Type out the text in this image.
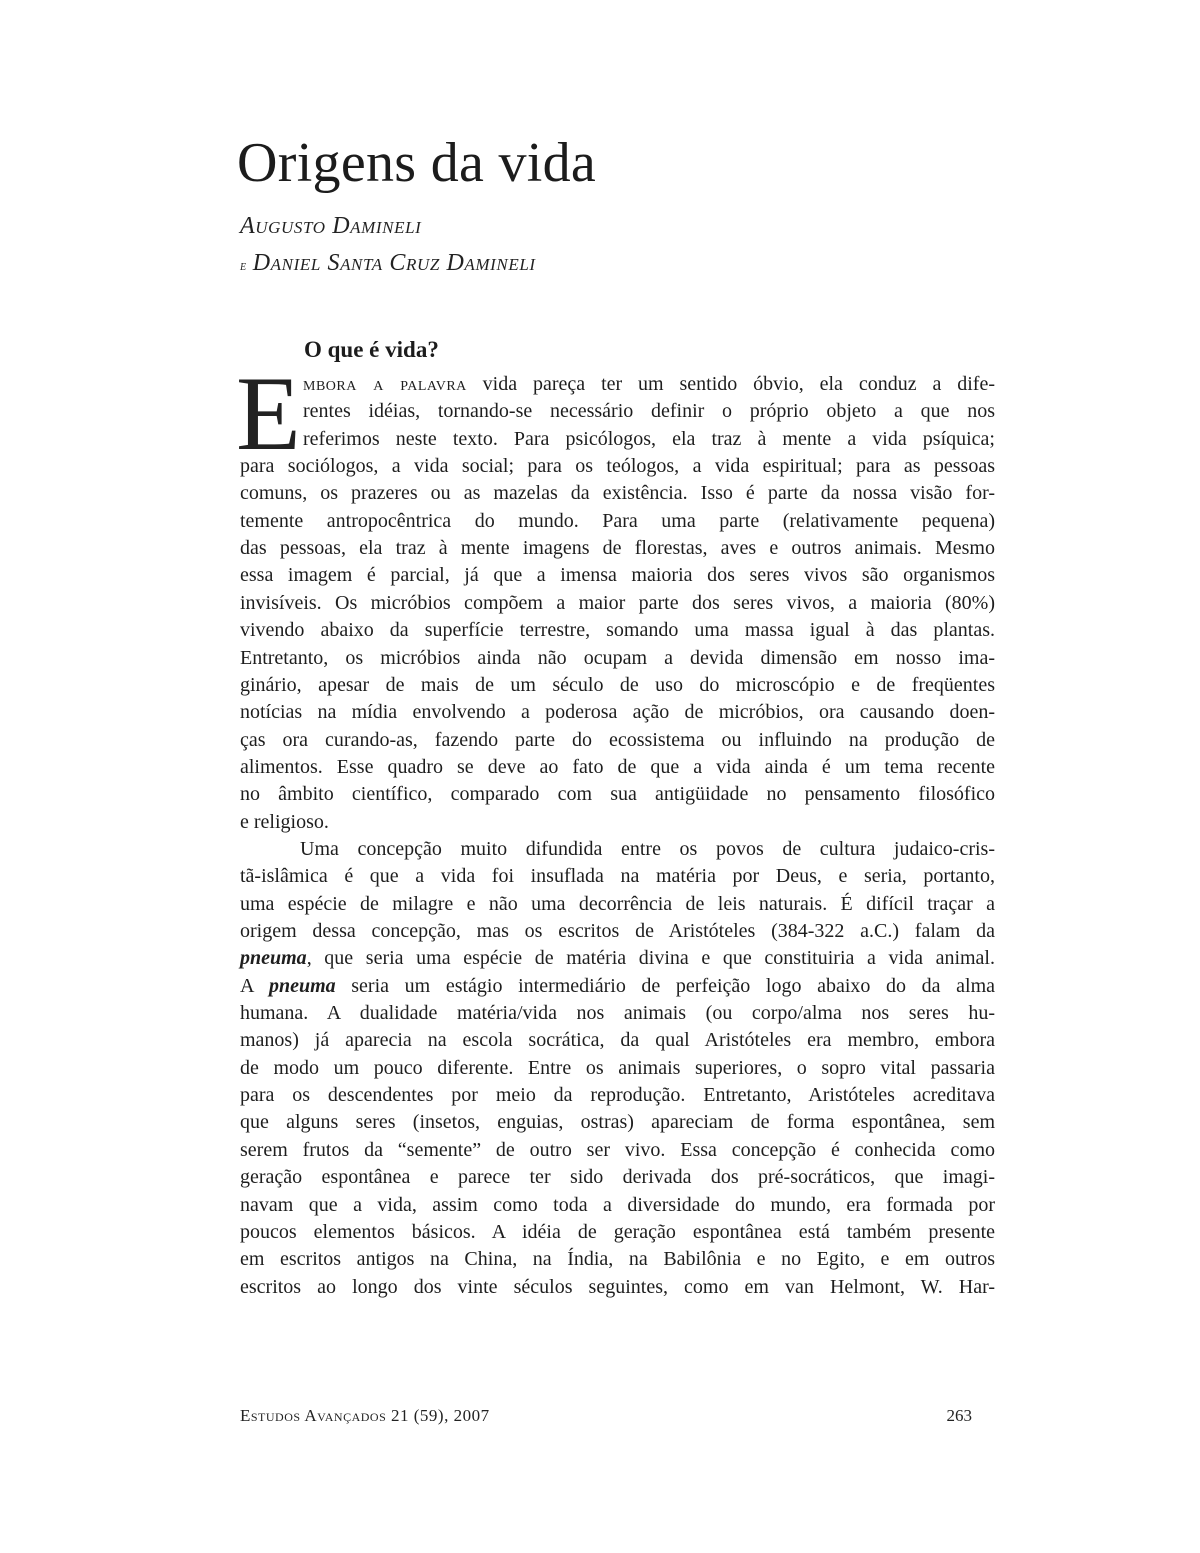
Origens da vida
Augusto Damineli
e Daniel Santa Cruz Damineli
O que é vida?
E mbora a palavra vida pareça ter um sentido óbvio, ela conduz a dife-
rentes idéias, tornando-se necessário definir o próprio objeto a que nos
referimos neste texto. Para psicólogos, ela traz à mente a vida psíquica;
para sociólogos, a vida social; para os teólogos, a vida espiritual; para as pessoas
comuns, os prazeres ou as mazelas da existência. Isso é parte da nossa visão for-
temente antropocêntrica do mundo. Para uma parte (relativamente pequena)
das pessoas, ela traz à mente imagens de florestas, aves e outros animais. Mesmo
essa imagem é parcial, já que a imensa maioria dos seres vivos são organismos
invisíveis. Os micróbios compõem a maior parte dos seres vivos, a maioria (80%)
vivendo abaixo da superfície terrestre, somando uma massa igual à das plantas.
Entretanto, os micróbios ainda não ocupam a devida dimensão em nosso ima-
ginário, apesar de mais de um século de uso do microscópio e de freqüentes
notícias na mídia envolvendo a poderosa ação de micróbios, ora causando doen-
ças ora curando-as, fazendo parte do ecossistema ou influindo na produção de
alimentos. Esse quadro se deve ao fato de que a vida ainda é um tema recente
no âmbito científico, comparado com sua antigüidade no pensamento filosófico
e religioso.
Uma concepção muito difundida entre os povos de cultura judaico-cris-
tã-islâmica é que a vida foi insuflada na matéria por Deus, e seria, portanto,
uma espécie de milagre e não uma decorrência de leis naturais. É difícil traçar a
origem dessa concepção, mas os escritos de Aristóteles (384-322 a.C.) falam da
pneuma, que seria uma espécie de matéria divina e que constituiria a vida animal.
A pneuma seria um estágio intermediário de perfeição logo abaixo do da alma
humana. A dualidade matéria/vida nos animais (ou corpo/alma nos seres hu-
manos) já aparecia na escola socrática, da qual Aristóteles era membro, embora
de modo um pouco diferente. Entre os animais superiores, o sopro vital passaria
para os descendentes por meio da reprodução. Entretanto, Aristóteles acreditava
que alguns seres (insetos, enguias, ostras) apareciam de forma espontânea, sem
serem frutos da “semente” de outro ser vivo. Essa concepção é conhecida como
geração espontânea e parece ter sido derivada dos pré-socráticos, que imagi-
navam que a vida, assim como toda a diversidade do mundo, era formada por
poucos elementos básicos. A idéia de geração espontânea está também presente
em escritos antigos na China, na Índia, na Babilônia e no Egito, e em outros
escritos ao longo dos vinte séculos seguintes, como em van Helmont, W. Har-
Estudos Avançados 21 (59), 2007	263
